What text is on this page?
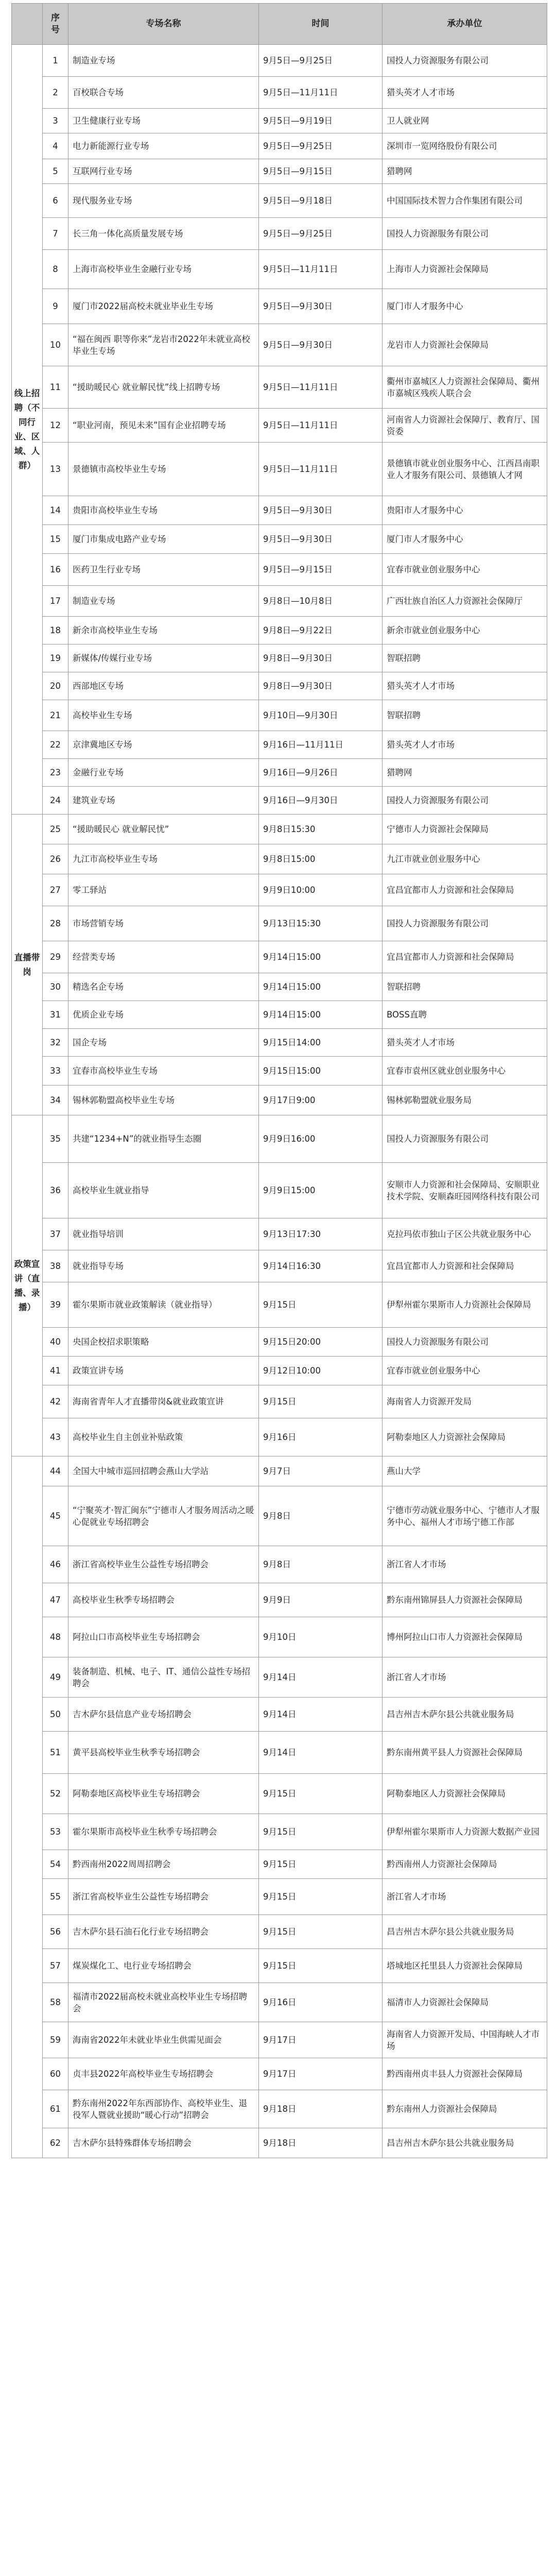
	序号	专场名称	时间	承办单位

线上招聘（不同行业、区域、人群）	1	制造业专场	9月5日—9月25日	国投人力资源服务有限公司
	2	百校联合专场	9月5日—11月11日	猎头英才人才市场
	3	卫生健康行业专场	9月5日—9月19日	卫人就业网
	4	电力新能源行业专场	9月5日—9月25日	深圳市一览网络股份有限公司
	5	互联网行业专场	9月5日—9月15日	猎聘网
	6	现代服务业专场	9月5日—9月18日	中国国际技术智力合作集团有限公司
	7	长三角一体化高质量发展专场	9月5日—9月25日	国投人力资源服务有限公司
	8	上海市高校毕业生金融行业专场	9月5日—11月11日	上海市人力资源社会保障局
	9	厦门市2022届高校未就业毕业生专场	9月5日—9月30日	厦门市人才服务中心
	10	“福在闽西 职等你来”龙岩市2022年未就业高校毕业生专场	9月5日—9月30日	龙岩市人力资源社会保障局
	11	“援助暖民心 就业解民忧”线上招聘专场	9月5日—11月11日	衢州市嘉城区人力资源社会保障局、衢州市嘉城区残疾人联合会
	12	“职业河南，预见未来”国有企业招聘专场	9月5日—11月11日	河南省人力资源社会保障厅、教育厅、国资委
	13	景德镇市高校毕业生专场	9月5日—11月11日	景德镇市就业创业服务中心、江西昌南职业人才服务有限公司、景德镇人才网
	14	贵阳市高校毕业生专场	9月5日—9月30日	贵阳市人才服务中心
	15	厦门市集成电路产业专场	9月5日—9月30日	厦门市人才服务中心
	16	医药卫生行业专场	9月5日—9月15日	宜春市就业创业服务中心
	17	制造业专场	9月8日—10月8日	广西壮族自治区人力资源社会保障厅
	18	新余市高校毕业生专场	9月8日—9月22日	新余市就业创业服务中心
	19	新媒体/传媒行业专场	9月8日—9月30日	智联招聘
	20	西部地区专场	9月8日—9月30日	猎头英才人才市场
	21	高校毕业生专场	9月10日—9月30日	智联招聘
	22	京津冀地区专场	9月16日—11月11日	猎头英才人才市场
	23	金融行业专场	9月16日—9月26日	猎聘网
	24	建筑业专场	9月16日—9月30日	国投人力资源服务有限公司

直播带岗	25	“援助暖民心 就业解民忧”	9月8日15:30	宁德市人力资源社会保障局
	26	九江市高校毕业生专场	9月8日15:00	九江市就业创业服务中心
	27	零工驿站	9月9日10:00	宜昌宜都市人力资源和社会保障局
	28	市场营销专场	9月13日15:30	国投人力资源服务有限公司
	29	经营类专场	9月14日15:00	宜昌宜都市人力资源和社会保障局
	30	精选名企专场	9月14日15:00	智联招聘
	31	优质企业专场	9月14日15:00	BOSS直聘
	32	国企专场	9月15日14:00	猎头英才人才市场
	33	宜春市高校毕业生专场	9月15日15:00	宜春市袁州区就业创业服务中心
	34	锡林郭勒盟高校毕业生专场	9月17日9:00	锡林郭勒盟就业服务局

政策宣讲（直播、录播）	35	共建“1234+N”的就业指导生态圈	9月9日16:00	国投人力资源服务有限公司
	36	高校毕业生就业指导	9月9日15:00	安顺市人力资源和社会保障局、安顺职业技术学院、安顺森旺园网络科技有限公司
	37	就业指导培训	9月13日17:30	克拉玛依市独山子区公共就业服务中心
	38	就业指导专场	9月14日16:30	宜昌宜都市人力资源和社会保障局
	39	霍尔果斯市就业政策解读（就业指导）	9月15日	伊犁州霍尔果斯市人力资源社会保障局
	40	央国企校招求职策略	9月15日20:00	国投人力资源服务有限公司
	41	政策宣讲专场	9月12日10:00	宜春市就业创业服务中心
	42	海南省青年人才直播带岗&就业政策宣讲	9月15日	海南省人力资源开发局
	43	高校毕业生自主创业补贴政策	9月16日	阿勒泰地区人力资源社会保障局

	44	全国大中城市巡回招聘会燕山大学站	9月7日	燕山大学
	45	“宁聚英才·智汇闽东”宁德市人才服务周活动之暖心促就业专场招聘会	9月8日	宁德市劳动就业服务中心、宁德市人才服务中心、福州人才市场宁德工作部
	46	浙江省高校毕业生公益性专场招聘会	9月8日	浙江省人才市场
	47	高校毕业生秋季专场招聘会	9月9日	黔东南州锦屏县人力资源社会保障局
	48	阿拉山口市高校毕业生专场招聘会	9月10日	博州阿拉山口市人力资源社会保障局
	49	装备制造、机械、电子、IT、通信公益性专场招聘会	9月14日	浙江省人才市场
	50	吉木萨尔县信息产业专场招聘会	9月14日	昌吉州吉木萨尔县公共就业服务局
	51	黄平县高校毕业生秋季专场招聘会	9月14日	黔东南州黄平县人力资源社会保障局
	52	阿勒泰地区高校毕业生专场招聘会	9月15日	阿勒泰地区人力资源社会保障局
	53	霍尔果斯市高校毕业生秋季专场招聘会	9月15日	伊犁州霍尔果斯市人力资源大数据产业园
	54	黔西南州2022周周招聘会	9月15日	黔西南州人力资源社会保障局
	55	浙江省高校毕业生公益性专场招聘会	9月15日	浙江省人才市场
	56	吉木萨尔县石油石化行业专场招聘会	9月15日	昌吉州吉木萨尔县公共就业服务局
	57	煤炭煤化工、电行业专场招聘会	9月15日	塔城地区托里县人力资源社会保障局
	58	福清市2022届高校未就业高校毕业生专场招聘会	9月16日	福清市人力资源社会保障局
	59	海南省2022年未就业毕业生供需见面会	9月17日	海南省人力资源开发局、中国海峡人才市场
	60	贞丰县2022年高校毕业生专场招聘会	9月17日	黔西南州贞丰县人力资源社会保障局
	61	黔东南州2022年东西部协作、高校毕业生、退役军人暨就业援助“暖心行动”招聘会	9月18日	黔东南州人力资源社会保障局
	62	吉木萨尔县特殊群体专场招聘会	9月18日	昌吉州吉木萨尔县公共就业服务局
